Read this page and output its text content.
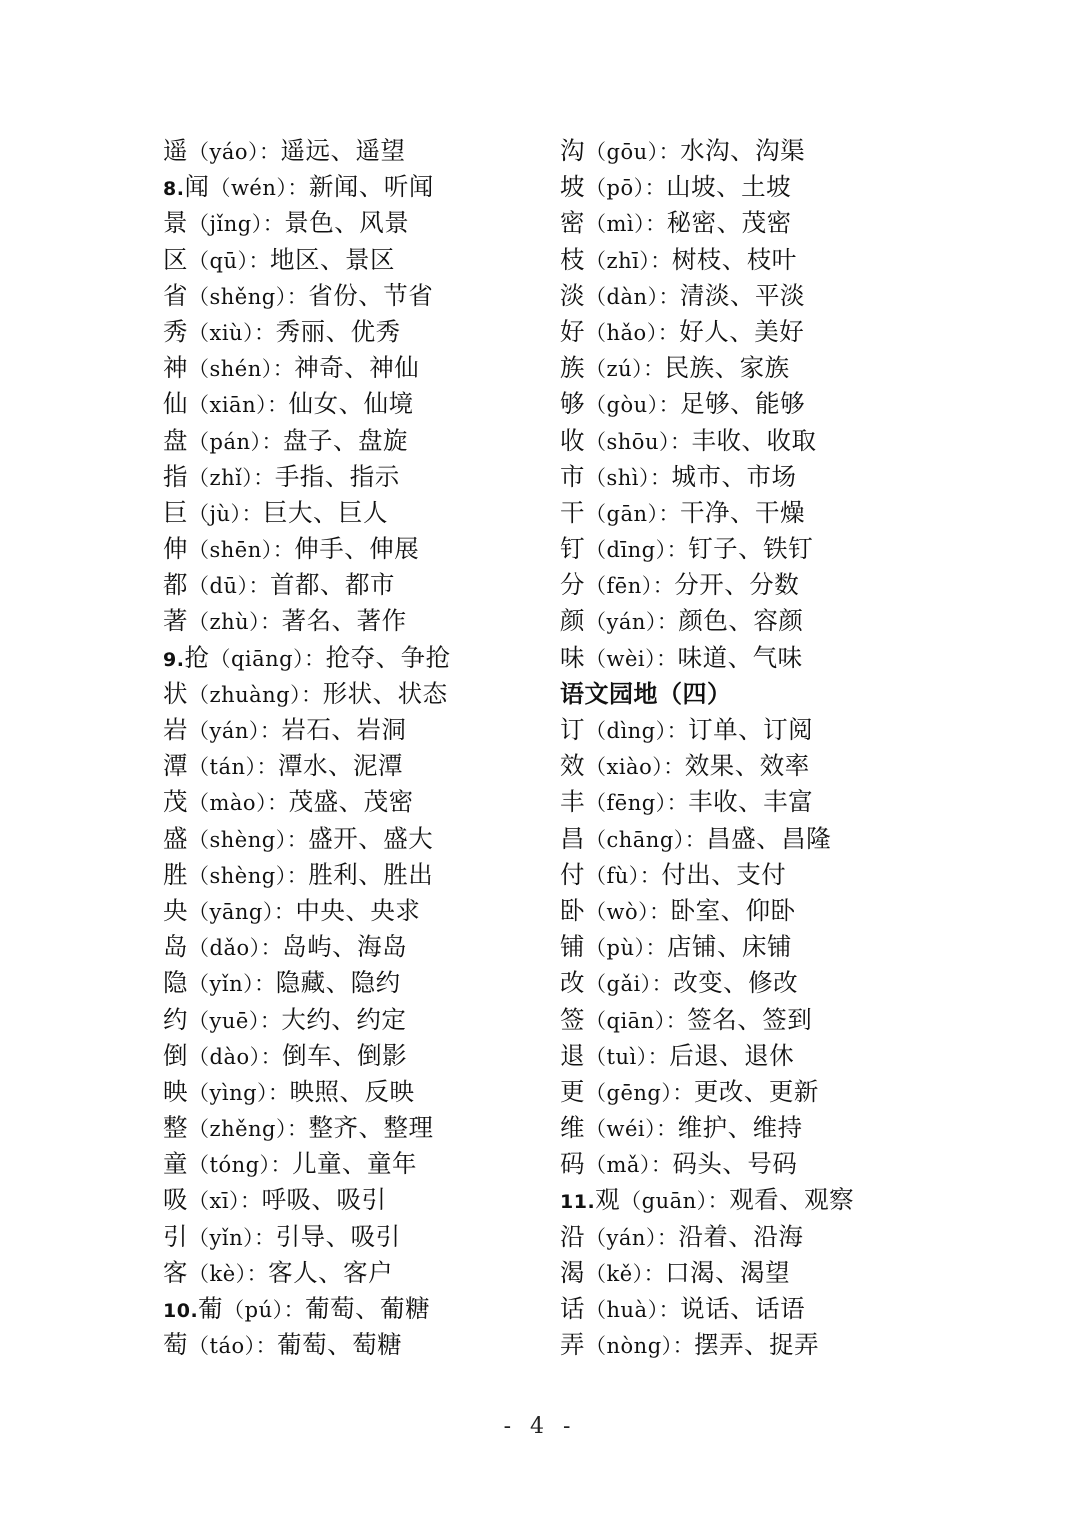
遥（yáo）：遥远、遥望
8.闻（wén）：新闻、听闻
景（jǐng）：景色、风景
区（qū）：地区、景区
省（shěng）：省份、节省
秀（xiù）：秀丽、优秀
神（shén）：神奇、神仙
仙（xiān）：仙女、仙境
盘（pán）：盘子、盘旋
指（zhǐ）：手指、指示
巨（jù）：巨大、巨人
伸（shēn）：伸手、伸展
都（dū）：首都、都市
著（zhù）：著名、著作
9.抢（qiāng）：抢夺、争抢
状（zhuàng）：形状、状态
岩（yán）：岩石、岩洞
潭（tán）：潭水、泥潭
茂（mào）：茂盛、茂密
盛（shèng）：盛开、盛大
胜（shèng）：胜利、胜出
央（yāng）：中央、央求
岛（dǎo）：岛屿、海岛
隐（yǐn）：隐藏、隐约
约（yuē）：大约、约定
倒（dào）：倒车、倒影
映（yìng）：映照、反映
整（zhěng）：整齐、整理
童（tóng）：儿童、童年
吸（xī）：呼吸、吸引
引（yǐn）：引导、吸引
客（kè）：客人、客户
10.葡（pú）：葡萄、葡糖
萄（táo）：葡萄、萄糖
沟（gōu）：水沟、沟渠
坡（pō）：山坡、土坡
密（mì）：秘密、茂密
枝（zhī）：树枝、枝叶
淡（dàn）：清淡、平淡
好（hǎo）：好人、美好
族（zú）：民族、家族
够（gòu）：足够、能够
收（shōu）：丰收、收取
市（shì）：城市、市场
干（gān）：干净、干燥
钉（dīng）：钉子、铁钉
分（fēn）：分开、分数
颜（yán）：颜色、容颜
味（wèi）：味道、气味
语文园地（四）
订（dìng）：订单、订阅
效（xiào）：效果、效率
丰（fēng）：丰收、丰富
昌（chāng）：昌盛、昌隆
付（fù）：付出、支付
卧（wò）：卧室、仰卧
铺（pù）：店铺、床铺
改（gǎi）：改变、修改
签（qiān）：签名、签到
退（tuì）：后退、退休
更（gēng）：更改、更新
维（wéi）：维护、维持
码（mǎ）：码头、号码
11.观（guān）：观看、观察
沿（yán）：沿着、沿海
渴（kě）：口渴、渴望
话（huà）：说话、话语
弄（nòng）：摆弄、捉弄
- 4 -
